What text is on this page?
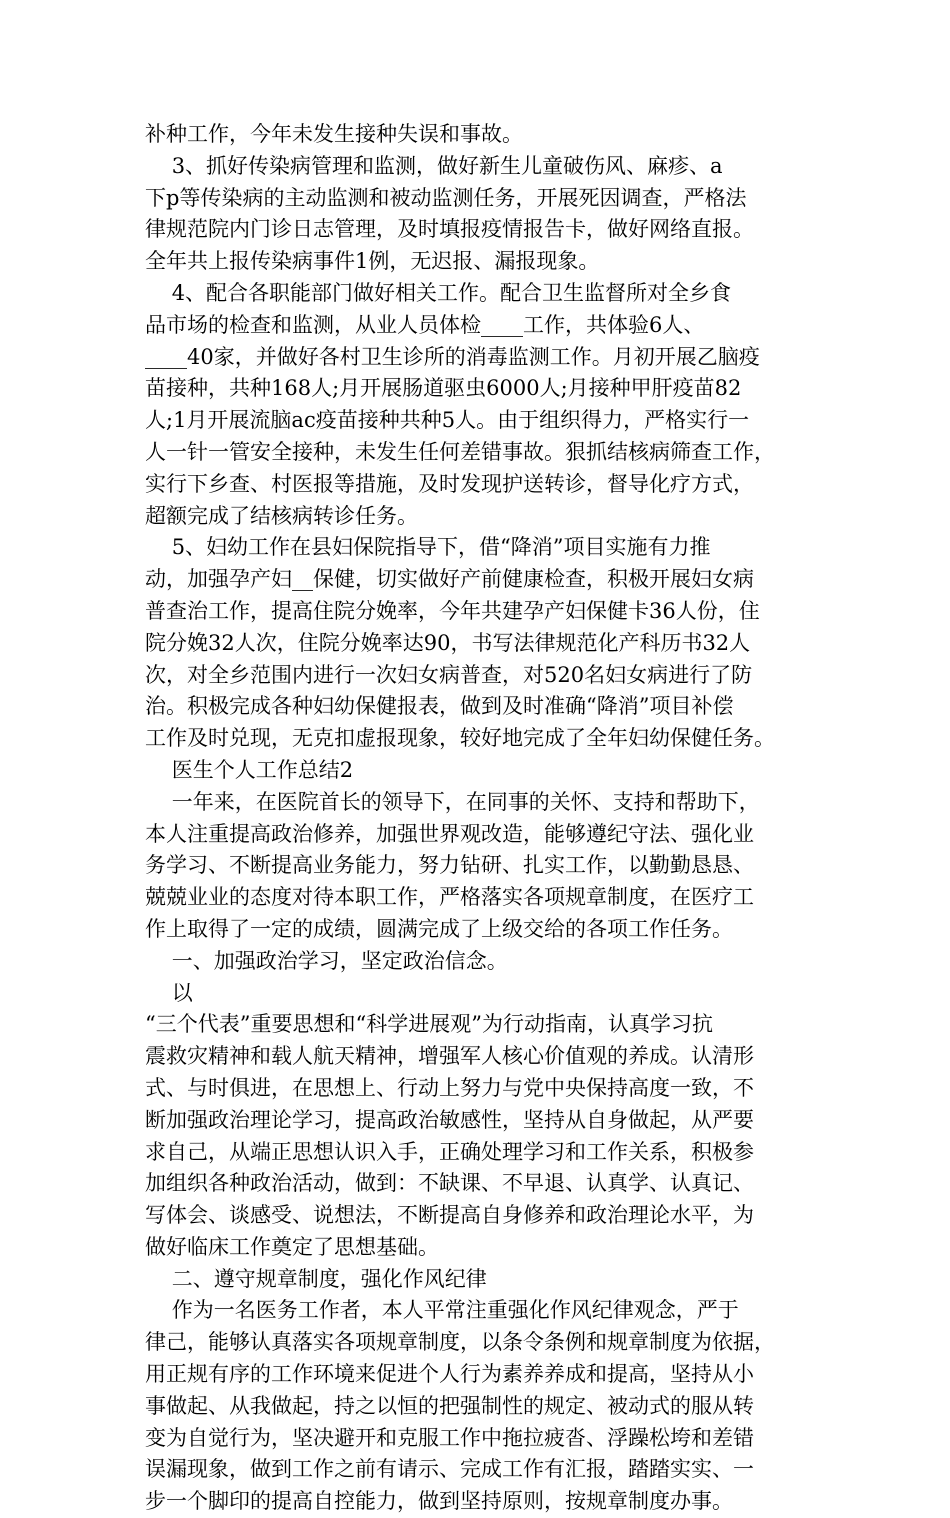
补种工作，今年未发生接种失误和事故。
3、抓好传染病管理和监测，做好新生儿童破伤风、麻疹、a
下p等传染病的主动监测和被动监测任务，开展死因调查，严格法
律规范院内门诊日志管理，及时填报疫情报告卡，做好网络直报。
全年共上报传染病事件1例，无迟报、漏报现象。
4、配合各职能部门做好相关工作。配合卫生监督所对全乡食
品市场的检查和监测，从业人员体检____工作，共体验6人、
____40家，并做好各村卫生诊所的消毒监测工作。月初开展乙脑疫
苗接种，共种168人;月开展肠道驱虫6000人;月接种甲肝疫苗82
人;1月开展流脑ac疫苗接种共种5人。由于组织得力，严格实行一
人一针一管安全接种，未发生任何差错事故。狠抓结核病筛查工作，
实行下乡查、村医报等措施，及时发现护送转诊，督导化疗方式，
超额完成了结核病转诊任务。
5、妇幼工作在县妇保院指导下，借“降消”项目实施有力推
动，加强孕产妇__保健，切实做好产前健康检查，积极开展妇女病
普查治工作，提高住院分娩率，今年共建孕产妇保健卡36人份，住
院分娩32人次，住院分娩率达90，书写法律规范化产科历书32人
次，对全乡范围内进行一次妇女病普查，对520名妇女病进行了防
治。积极完成各种妇幼保健报表，做到及时准确“降消”项目补偿
工作及时兑现，无克扣虚报现象，较好地完成了全年妇幼保健任务。
医生个人工作总结2
一年来，在医院首长的领导下，在同事的关怀、支持和帮助下，
本人注重提高政治修养，加强世界观改造，能够遵纪守法、强化业
务学习、不断提高业务能力，努力钻研、扎实工作，以勤勤恳恳、
兢兢业业的态度对待本职工作，严格落实各项规章制度，在医疗工
作上取得了一定的成绩，圆满完成了上级交给的各项工作任务。
一、加强政治学习，坚定政治信念。
以
“三个代表”重要思想和“科学进展观”为行动指南，认真学习抗
震救灾精神和载人航天精神，增强军人核心价值观的养成。认清形
式、与时俱进，在思想上、行动上努力与党中央保持高度一致，不
断加强政治理论学习，提高政治敏感性，坚持从自身做起，从严要
求自己，从端正思想认识入手，正确处理学习和工作关系，积极参
加组织各种政治活动，做到：不缺课、不早退、认真学、认真记、
写体会、谈感受、说想法，不断提高自身修养和政治理论水平，为
做好临床工作奠定了思想基础。
二、遵守规章制度，强化作风纪律
作为一名医务工作者，本人平常注重强化作风纪律观念，严于
律己，能够认真落实各项规章制度，以条令条例和规章制度为依据，
用正规有序的工作环境来促进个人行为素养养成和提高，坚持从小
事做起、从我做起，持之以恒的把强制性的规定、被动式的服从转
变为自觉行为，坚决避开和克服工作中拖拉疲沓、浮躁松垮和差错
误漏现象，做到工作之前有请示、完成工作有汇报，踏踏实实、一
步一个脚印的提高自控能力，做到坚持原则，按规章制度办事。
